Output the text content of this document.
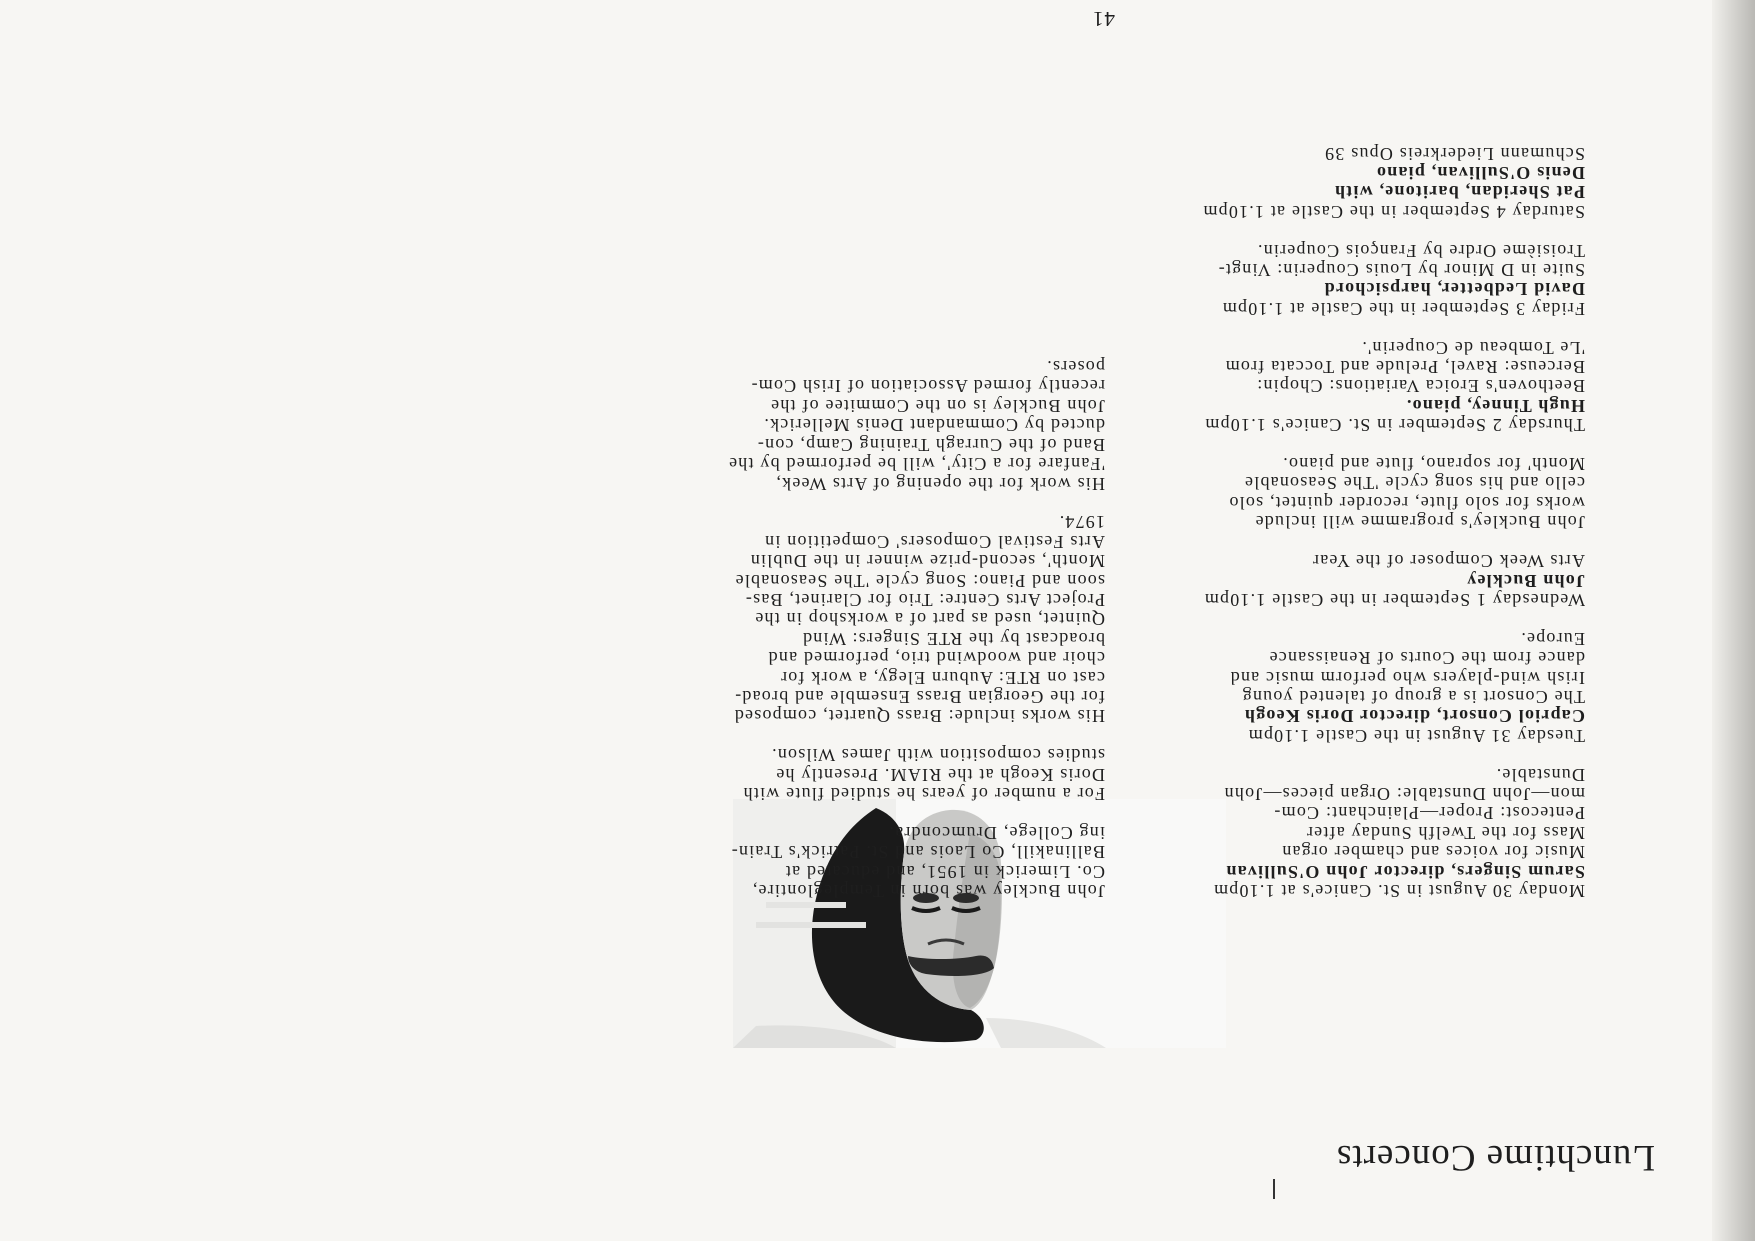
41
Lunchtime Concerts

John Buckley was born in Templeglontire,
Co. Limerick in 1951, and educated at
Ballinakill, Co Laois and St. Patrick's Train-
ing College, Drumcondra.

For a number of years he studied flute with
Doris Keogh at the RIAM. Presently he
studies composition with James Wilson.

His works include: Brass Quartet, composed
for the Georgian Brass Ensemble and broad-
cast on RTE: Auburn Elegy, a work for
choir and woodwind trio, performed and
broadcast by the RTE Singers: Wind
Quintet, used as part of a workshop in the
Project Arts Centre: Trio for Clarinet, Bas-
soon and Piano: Song cycle 'The Seasonable
Month', second-prize winner in the Dublin
Arts Festival Composers' Competition in
1974.

His work for the opening of Arts Week,
'Fanfare for a City', will be performed by the
Band of the Curragh Training Camp, con-
ducted by Commandant Denis Mellerick.
John Buckley is on the Commitee of the
recently formed Association of Irish Com-
posers.

Monday 30 August in St. Canice's at 1.10pm
Sarum Singers, director John O'Sullivan
Music for voices and chamber organ
Mass for the Twelfh Sunday after
Pentecost: Proper—Plainchant: Com-
mon—John Dunstable: Organ pieces—John
Dunstable.
Tuesday 31 August in the Castle 1.10pm
Capriol Consort, director Doris Keogh
The Consort is a group of talented young
Irish wind-players who perform music and
dance from the Courts of Renaissance
Europe.
Wednesday 1 September in the Castle 1.10pm
John Buckley
Arts Week Composer of the Year

John Buckley's programme will include
works for solo flute, recorder quintet, solo
cello and his song cycle 'The Seasonable
Month' for soprano, flute and piano.
Thursday 2 September in St. Canice's 1.10pm
Hugh Tinney, piano.
Beethoven's Eroica Variations: Chopin:
Berceuse: Ravel, Prelude and Toccata from
'Le Tombeau de Couperin'.
Friday 3 September in the Castle at 1.10pm
David Ledbetter, harpsichord
Suite in D Minor by Louis Couperin: Vingt-
Troisième Ordre by François Couperin.
Saturday 4 September in the Castle at 1.10pm
Pat Sheridan, baritone, with
Denis O'Sullivan, piano
Schumann Liederkreis Opus 39
